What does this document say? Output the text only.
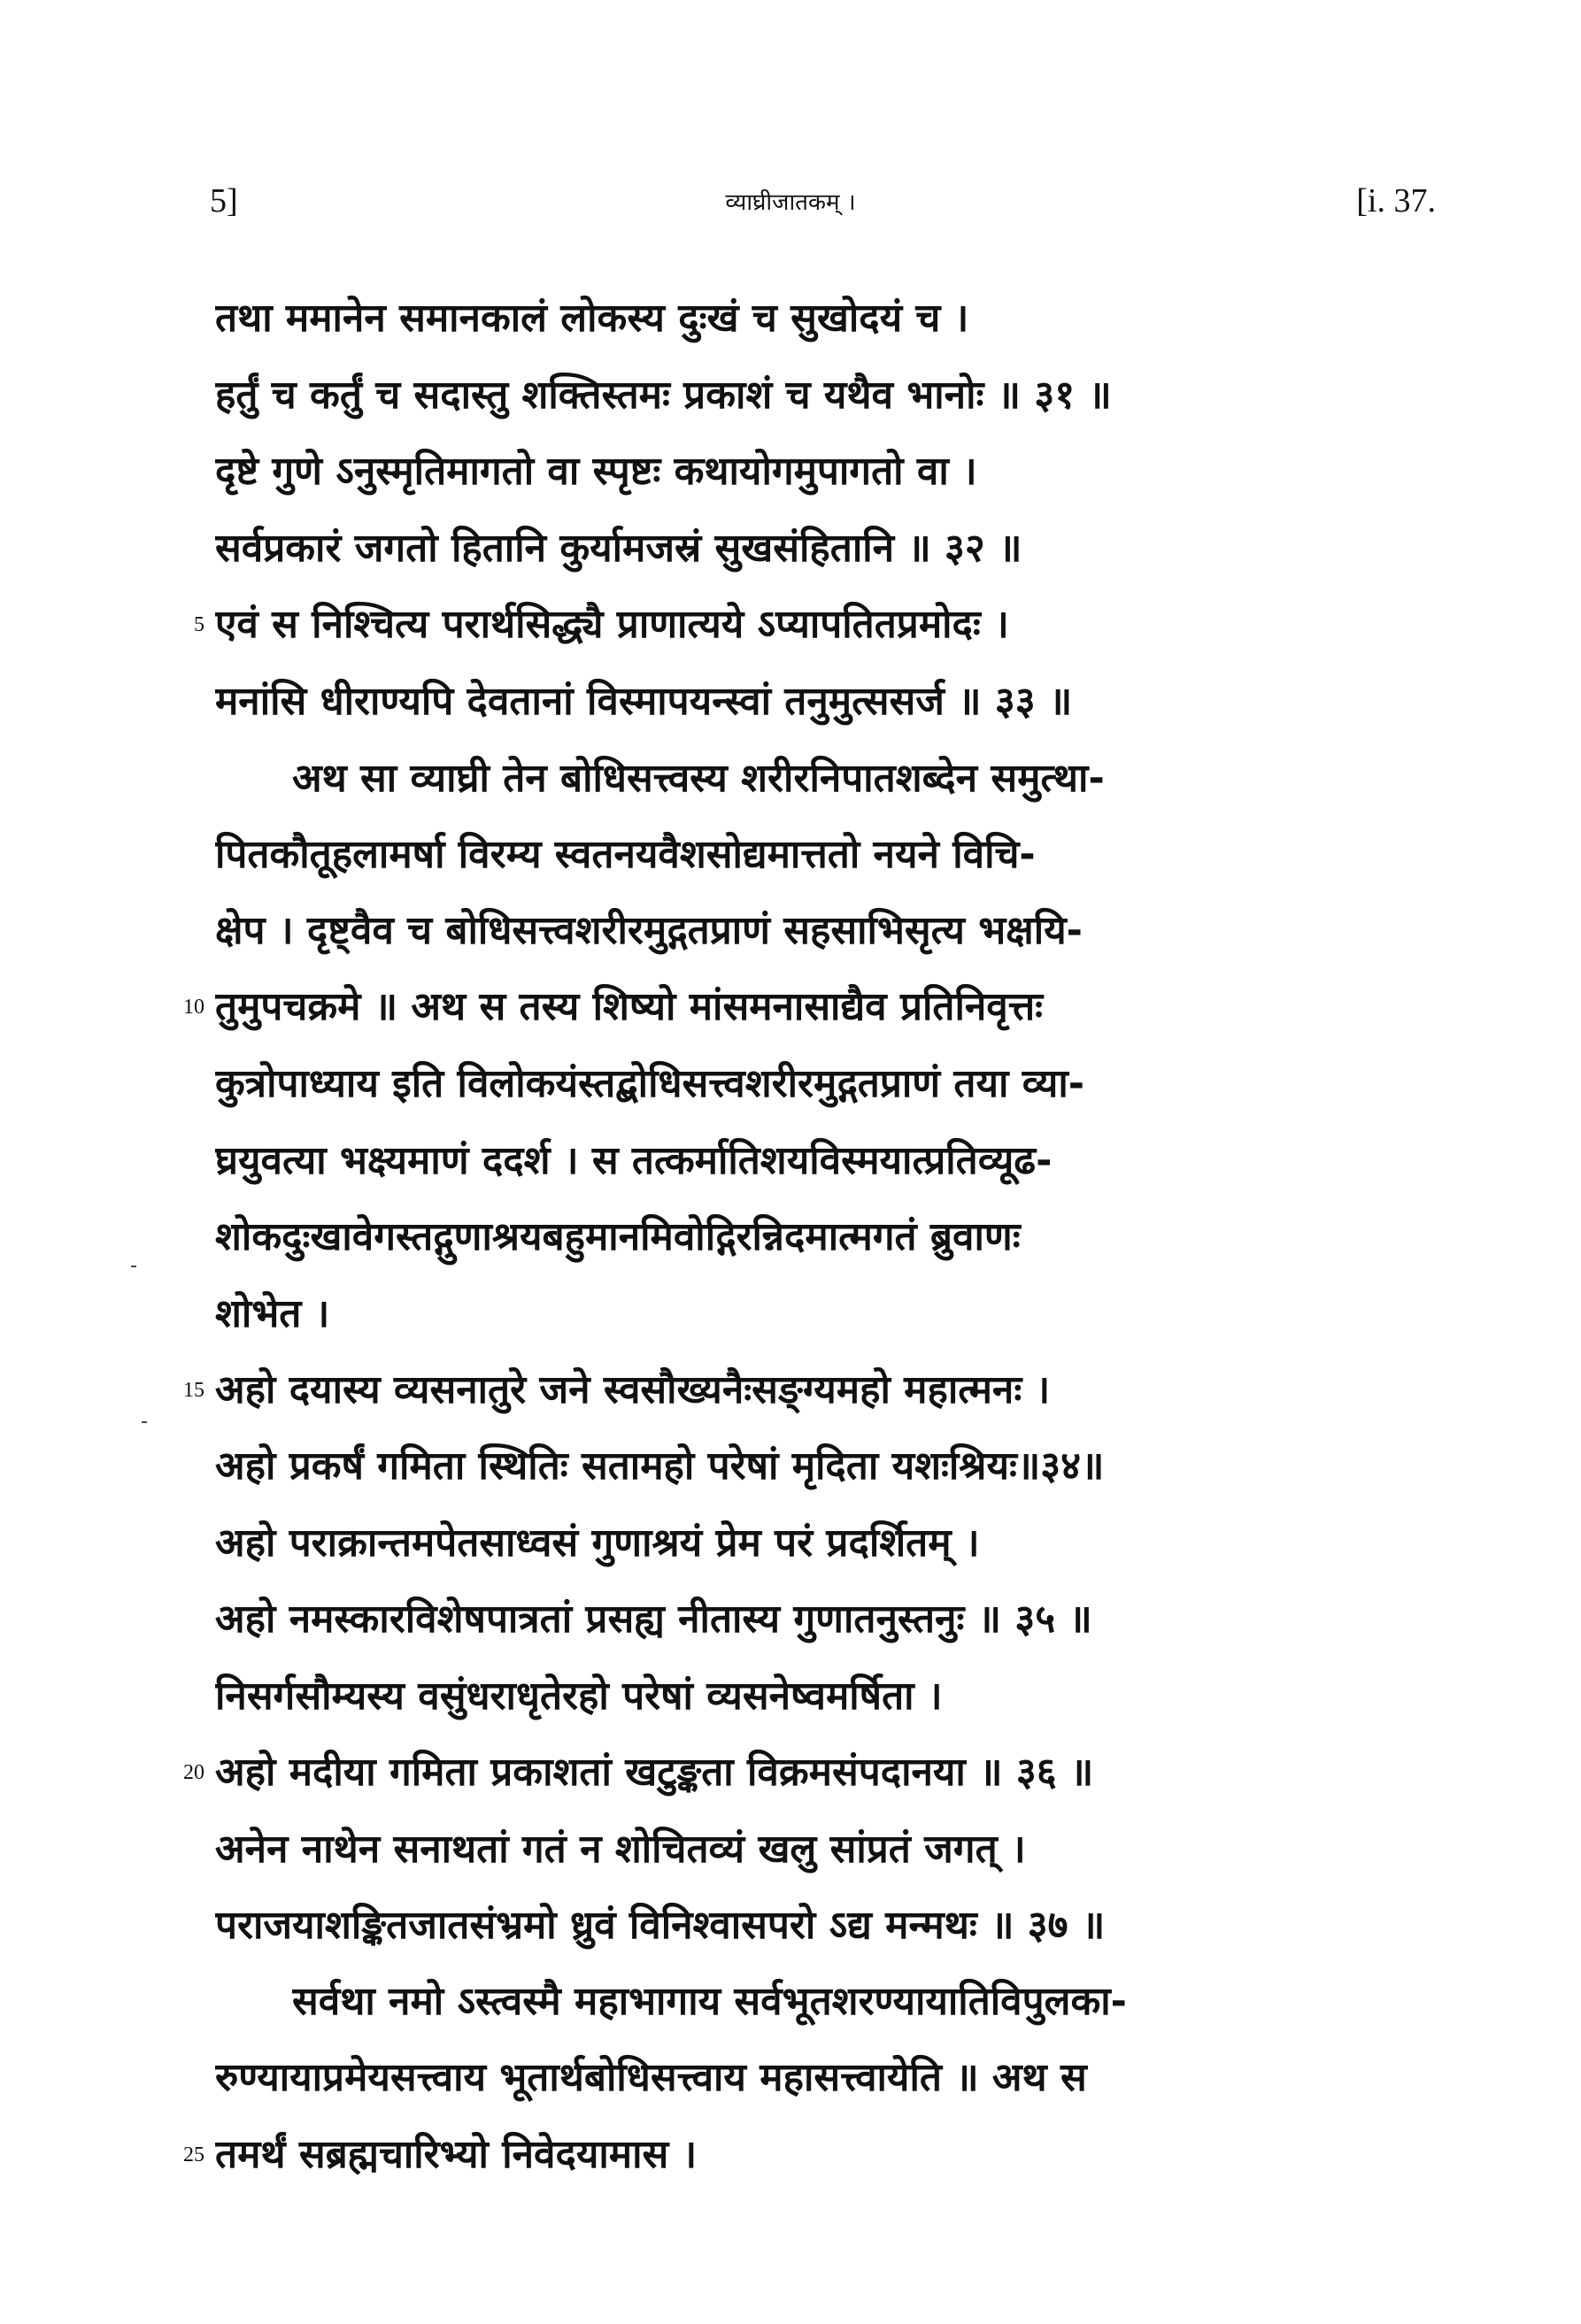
5]	व्याघ्रीजातकम् ।	[i. 37.
तथा ममानेन समानकालं लोकस्य दुःखं च सुखोदयं च ।
हर्तुं च कर्तुं च सदास्तु शक्तिस्तमः प्रकाशं च यथैव भानोः ॥ ३१ ॥
दृष्टे गुणे ऽनुस्मृतिमागतो वा स्पृष्टः कथायोगमुपागतो वा ।
सर्वप्रकारं जगतो हितानि कुर्यामजस्रं सुखसंहितानि ॥ ३२ ॥
5 एवं स निश्चित्य परार्थसिद्ध्यै प्राणात्यये ऽप्यापतितप्रमोदः ।
मनांसि धीराण्यपि देवतानां विस्मापयन्स्वां तनुमुत्ससर्ज ॥ ३३ ॥
अथ सा व्याघ्री तेन बोधिसत्त्वस्य शरीरनिपातशब्देन समुत्था-
पितकौतूहलामर्षा विरम्य स्वतनयवैशसोद्यमात्ततो नयने विचि-
क्षेप । दृष्ट्वैव च बोधिसत्त्वशरीरमुद्गतप्राणं सहसाभिसृत्य भक्षयि-
10 तुमुपचक्रमे ॥ अथ स तस्य शिष्यो मांसमनासाद्यैव प्रतिनिवृत्तः
कुत्रोपाध्याय इति विलोकयंस्तद्बोधिसत्त्वशरीरमुद्गतप्राणं तया व्या-
घ्रयुवत्या भक्ष्यमाणं ददर्श । स तत्कर्मातिशयविस्मयात्प्रतिव्यूढ-
शोकदुःखावेगस्तद्गुणाश्रयबहुमानमिवोद्गिरन्निदमात्मगतं ब्रुवाणः
शोभेत ।
15 अहो दयास्य व्यसनातुरे जने स्वसौख्यनैःसङ्ग्यमहो महात्मनः ।
अहो प्रकर्षं गमिता स्थितिः सतामहो परेषां मृदिता यशःश्रियः॥३४॥
अहो पराक्रान्तमपेतसाध्वसं गुणाश्रयं प्रेम परं प्रदर्शितम् ।
अहो नमस्कारविशेषपात्रतां प्रसह्य नीतास्य गुणातनुस्तनुः ॥ ३५ ॥
निसर्गसौम्यस्य वसुंधराधृतेरहो परेषां व्यसनेष्वमर्षिता ।
20 अहो मदीया गमिता प्रकाशतां खटुङ्कता विक्रमसंपदानया ॥ ३६ ॥
अनेन नाथेन सनाथतां गतं न शोचितव्यं खलु सांप्रतं जगत् ।
पराजयाशङ्कितजातसंभ्रमो ध्रुवं विनिश्वासपरो ऽद्य मन्मथः ॥ ३७ ॥
सर्वथा नमो ऽस्त्वस्मै महाभागाय सर्वभूतशरण्यायातिविपुलका-
रुण्यायाप्रमेयसत्त्वाय भूतार्थबोधिसत्त्वाय महासत्त्वायेति ॥ अथ स
25 तमर्थं सब्रह्मचारिभ्यो निवेदयामास ।
